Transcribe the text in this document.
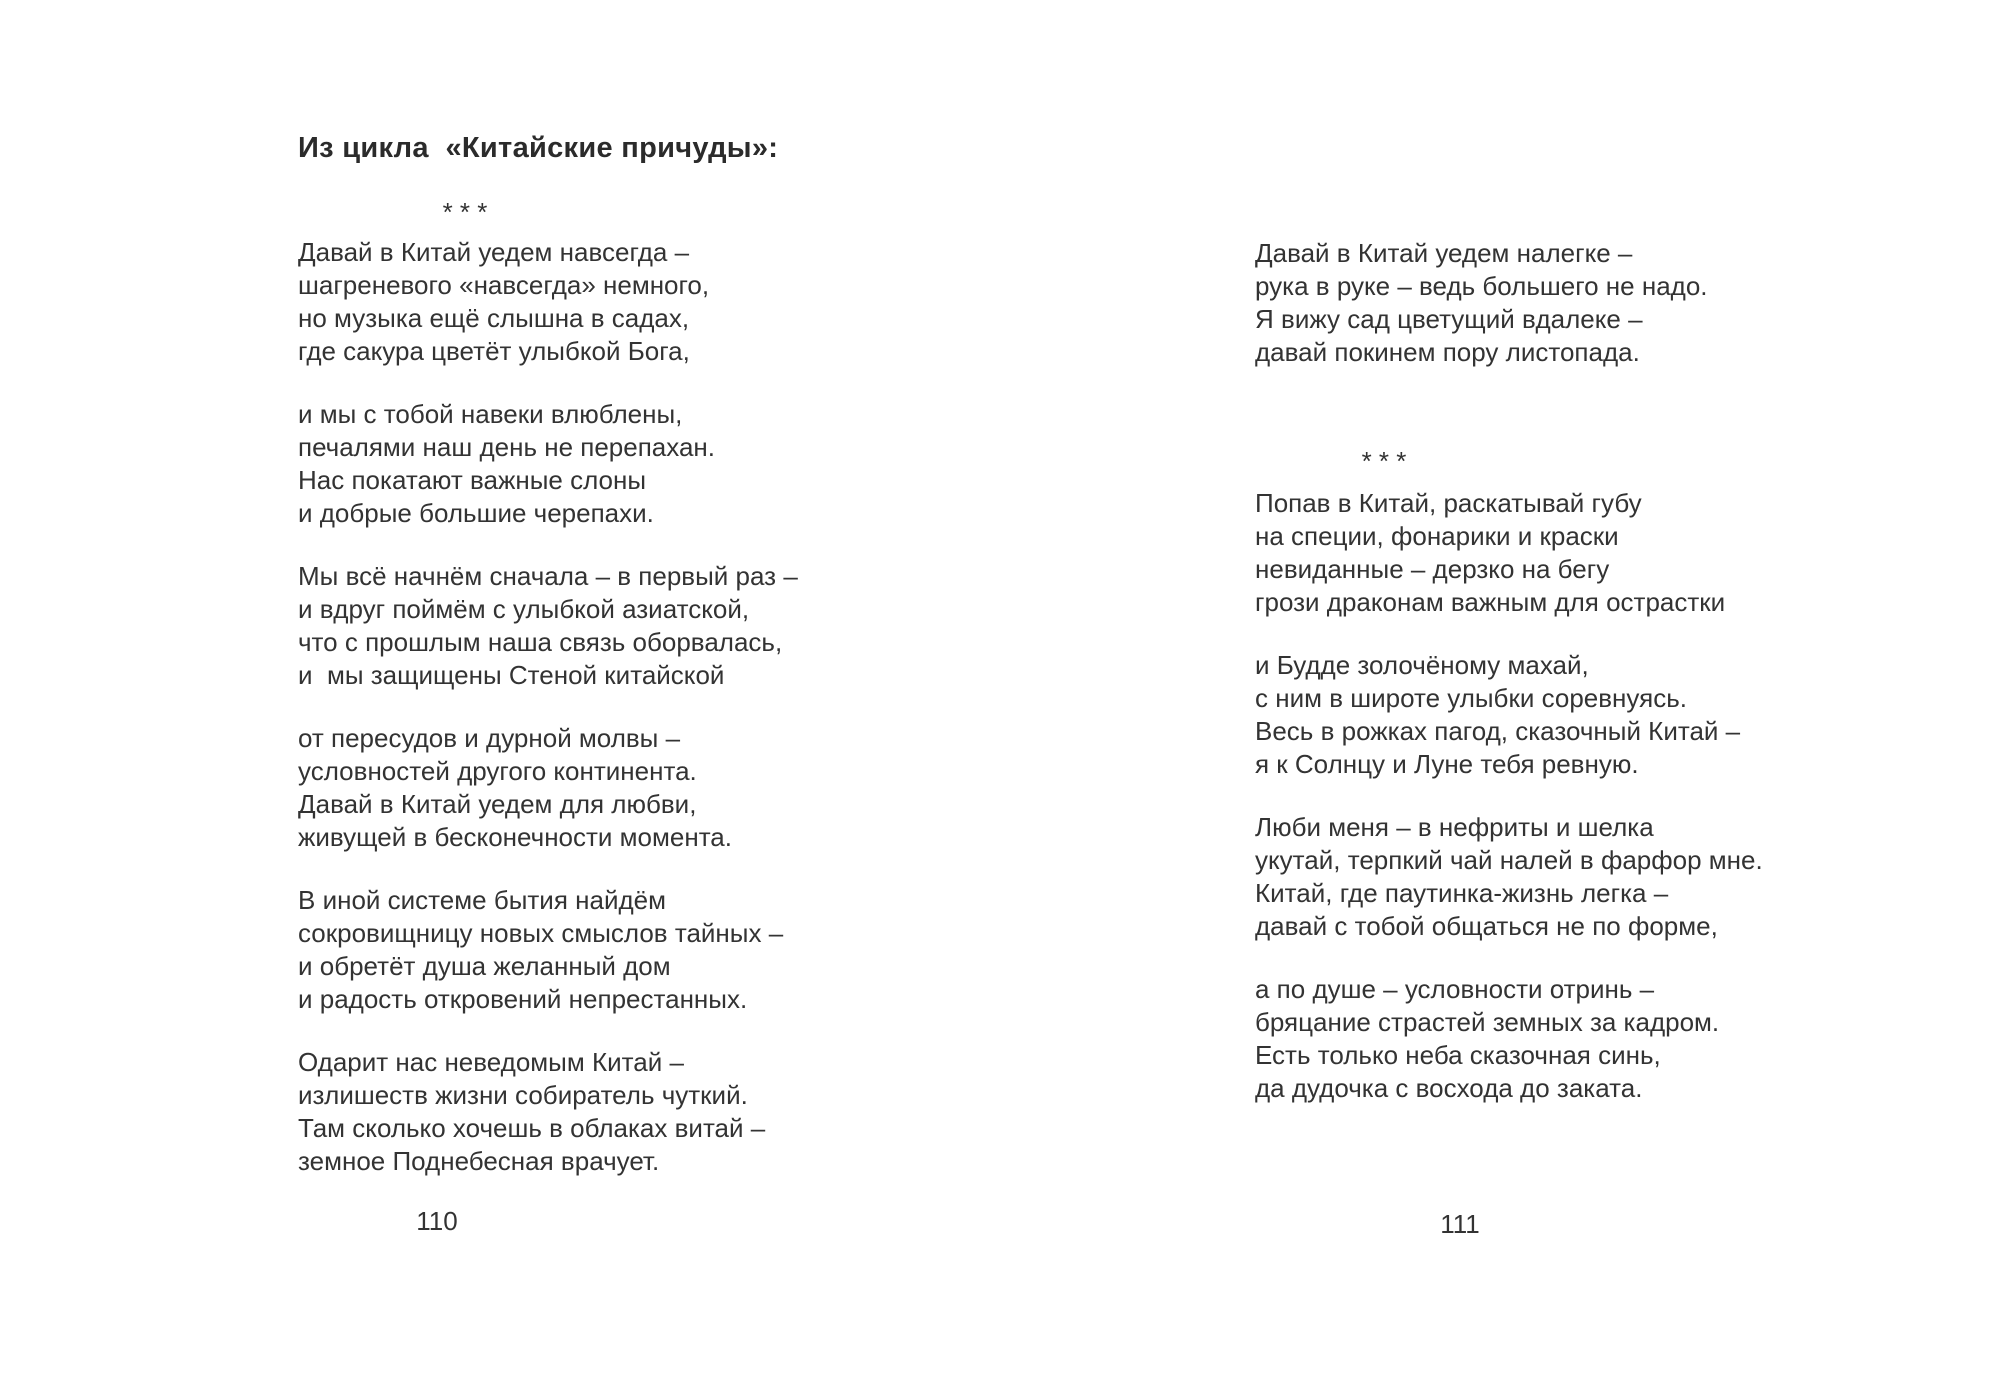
Из цикла  «Китайские причуды»:
* * *
Давай в Китай уедем навсегда –
шагреневого «навсегда» немного,
но музыка ещё слышна в садах,
где сакура цветёт улыбкой Бога,
и мы с тобой навеки влюблены,
печалями наш день не перепахан.
Нас покатают важные слоны
и добрые большие черепахи.
Мы всё начнём сначала – в первый раз –
и вдруг поймём с улыбкой азиатской,
что с прошлым наша связь оборвалась,
и  мы защищены Стеной китайской
от пересудов и дурной молвы –
условностей другого континента.
Давай в Китай уедем для любви,
живущей в бесконечности момента.
В иной системе бытия найдём
сокровищницу новых смыслов тайных –
и обретёт душа желанный дом
и радость откровений непрестанных.
Одарит нас неведомым Китай –
излишеств жизни собиратель чуткий.
Там сколько хочешь в облаках витай –
земное Поднебесная врачует.
Давай в Китай уедем налегке –
рука в руке – ведь большего не надо.
Я вижу сад цветущий вдалеке –
давай покинем пору листопада.
* * *
Попав в Китай, раскатывай губу
на специи, фонарики и краски
невиданные – дерзко на бегу
грози драконам важным для острастки
и Будде золочёному махай,
с ним в широте улыбки соревнуясь.
Весь в рожках пагод, сказочный Китай –
я к Солнцу и Луне тебя ревную.
Люби меня – в нефриты и шелка
укутай, терпкий чай налей в фарфор мне.
Китай, где паутинка-жизнь легка –
давай с тобой общаться не по форме,
а по душе – условности отринь –
бряцание страстей земных за кадром.
Есть только неба сказочная синь,
да дудочка с восхода до заката.
110	111
